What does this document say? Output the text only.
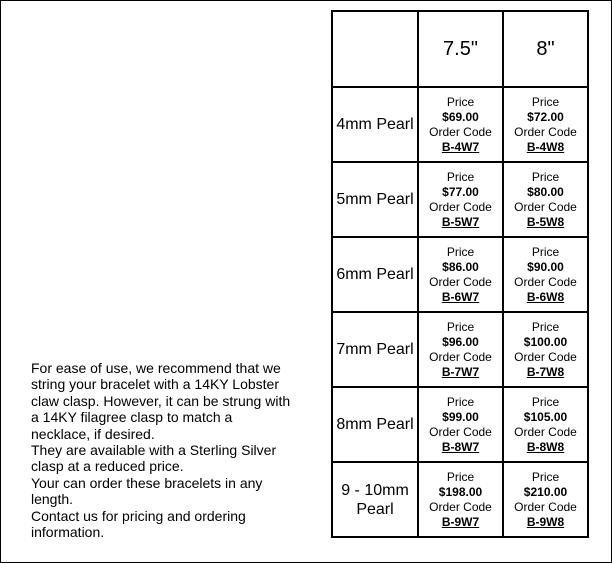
For ease of use, we recommend that we string your bracelet with a 14KY Lobster claw clasp. However, it can be strung with a 14KY filagree clasp to match a necklace, if desired.

They are available with a Sterling Silver clasp at a reduced price.

Your can order these bracelets in any length.

Contact us for pricing and ordering information.

	7.5"	8"
4mm Pearl	Price
$69.00
Order Code
B-4W7	Price
$72.00
Order Code
B-4W8

5mm Pearl	Price
$77.00
Order Code
B-5W7	Price
$80.00
Order Code
B-5W8

6mm Pearl	Price
$86.00
Order Code
B-6W7	Price
$90.00
Order Code
B-6W8

7mm Pearl	Price
$96.00
Order Code
B-7W7	Price
$100.00
Order Code
B-7W8

8mm Pearl	Price
$99.00
Order Code
B-8W7	Price
$105.00
Order Code
B-8W8

9 - 10mm Pearl	Price
$198.00
Order Code
B-9W7	Price
$210.00
Order Code
B-9W8
